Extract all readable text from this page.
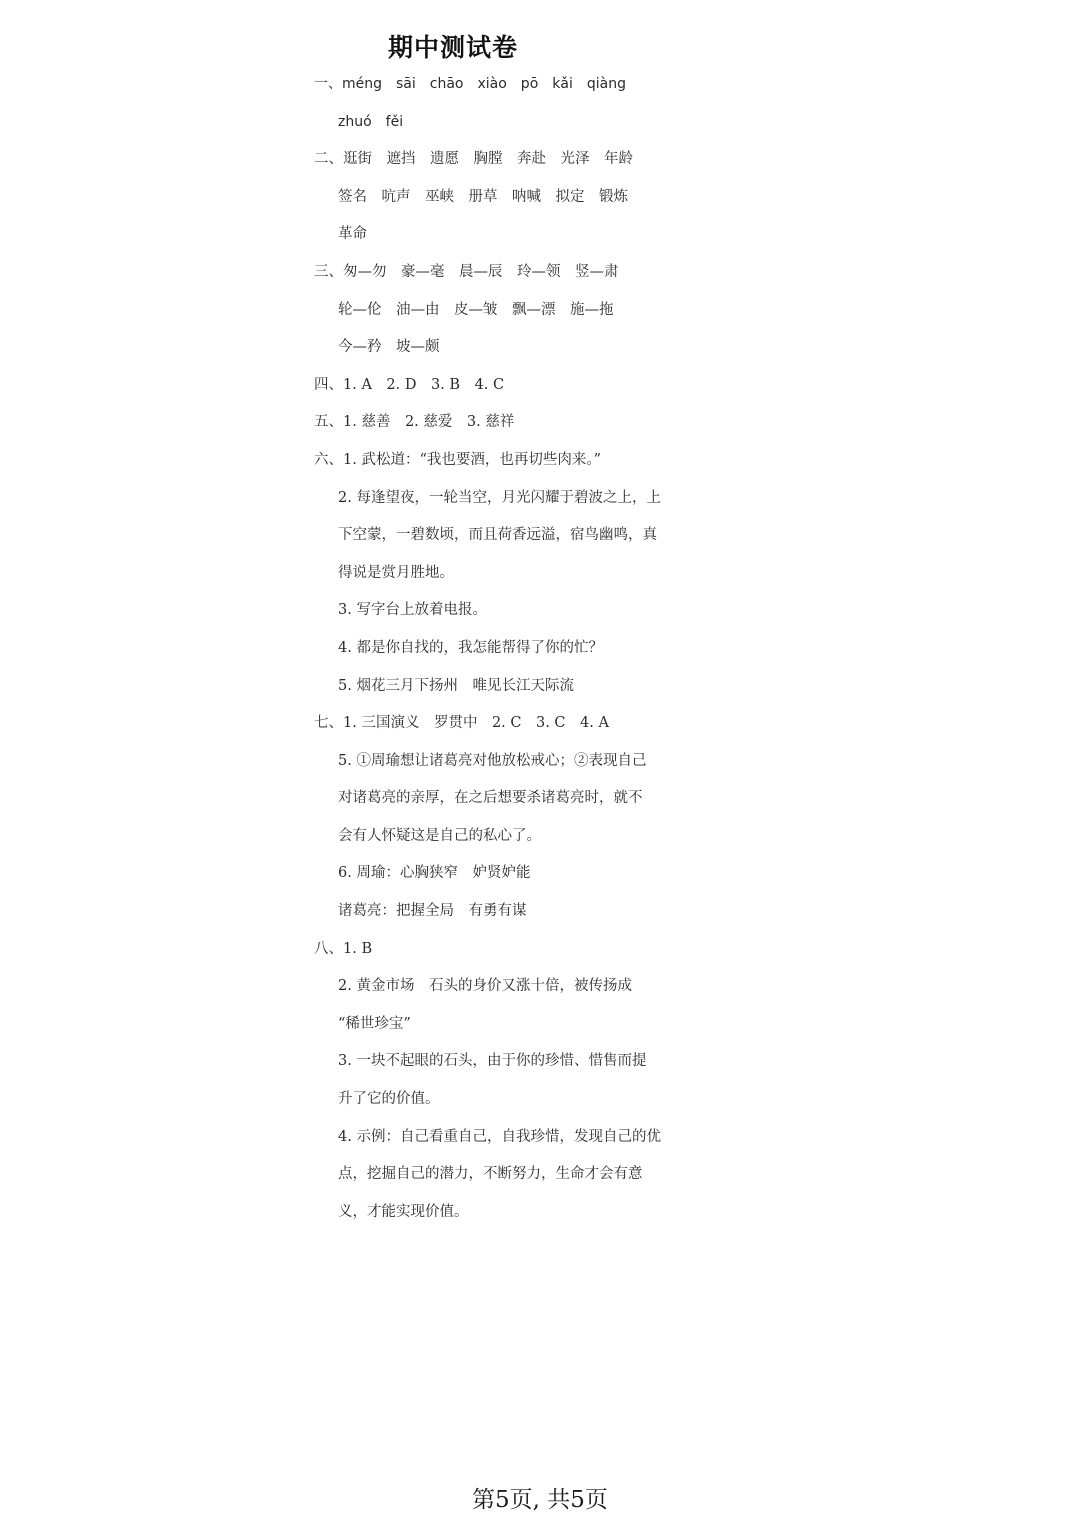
期中测试卷
一、méng　sāi　chāo　xiào　pō　kǎi　qiàng
zhuó　fěi
二、逛街　遮挡　遗愿　胸膛　奔赴　光泽　年龄
签名　吭声　巫峡　册草　呐喊　拟定　锻炼
革命
三、匆—勿　豪—毫　晨—辰　玲—领　竖—肃
轮—伦　油—由　皮—皱　飘—漂　施—拖
今—矜　坡—颇
四、1. A　2. D　3. B　4. C
五、1. 慈善　2. 慈爱　3. 慈祥
六、1. 武松道：“我也要酒，也再切些肉来。”
2. 每逢望夜，一轮当空，月光闪耀于碧波之上，上
下空蒙，一碧数顷，而且荷香远溢，宿鸟幽鸣，真
得说是赏月胜地。
3. 写字台上放着电报。
4. 都是你自找的，我怎能帮得了你的忙？
5. 烟花三月下扬州　唯见长江天际流
七、1. 三国演义　罗贯中　2. C　3. C　4. A
5. ①周瑜想让诸葛亮对他放松戒心；②表现自己
对诸葛亮的亲厚，在之后想要杀诸葛亮时，就不
会有人怀疑这是自己的私心了。
6. 周瑜：心胸狭窄　妒贤妒能
诸葛亮：把握全局　有勇有谋
八、1. B
2. 黄金市场　石头的身价又涨十倍，被传扬成
“稀世珍宝”
3. 一块不起眼的石头，由于你的珍惜、惜售而提
升了它的价值。
4. 示例：自己看重自己，自我珍惜，发现自己的优
点，挖掘自己的潜力，不断努力，生命才会有意
义，才能实现价值。
第5页, 共5页
